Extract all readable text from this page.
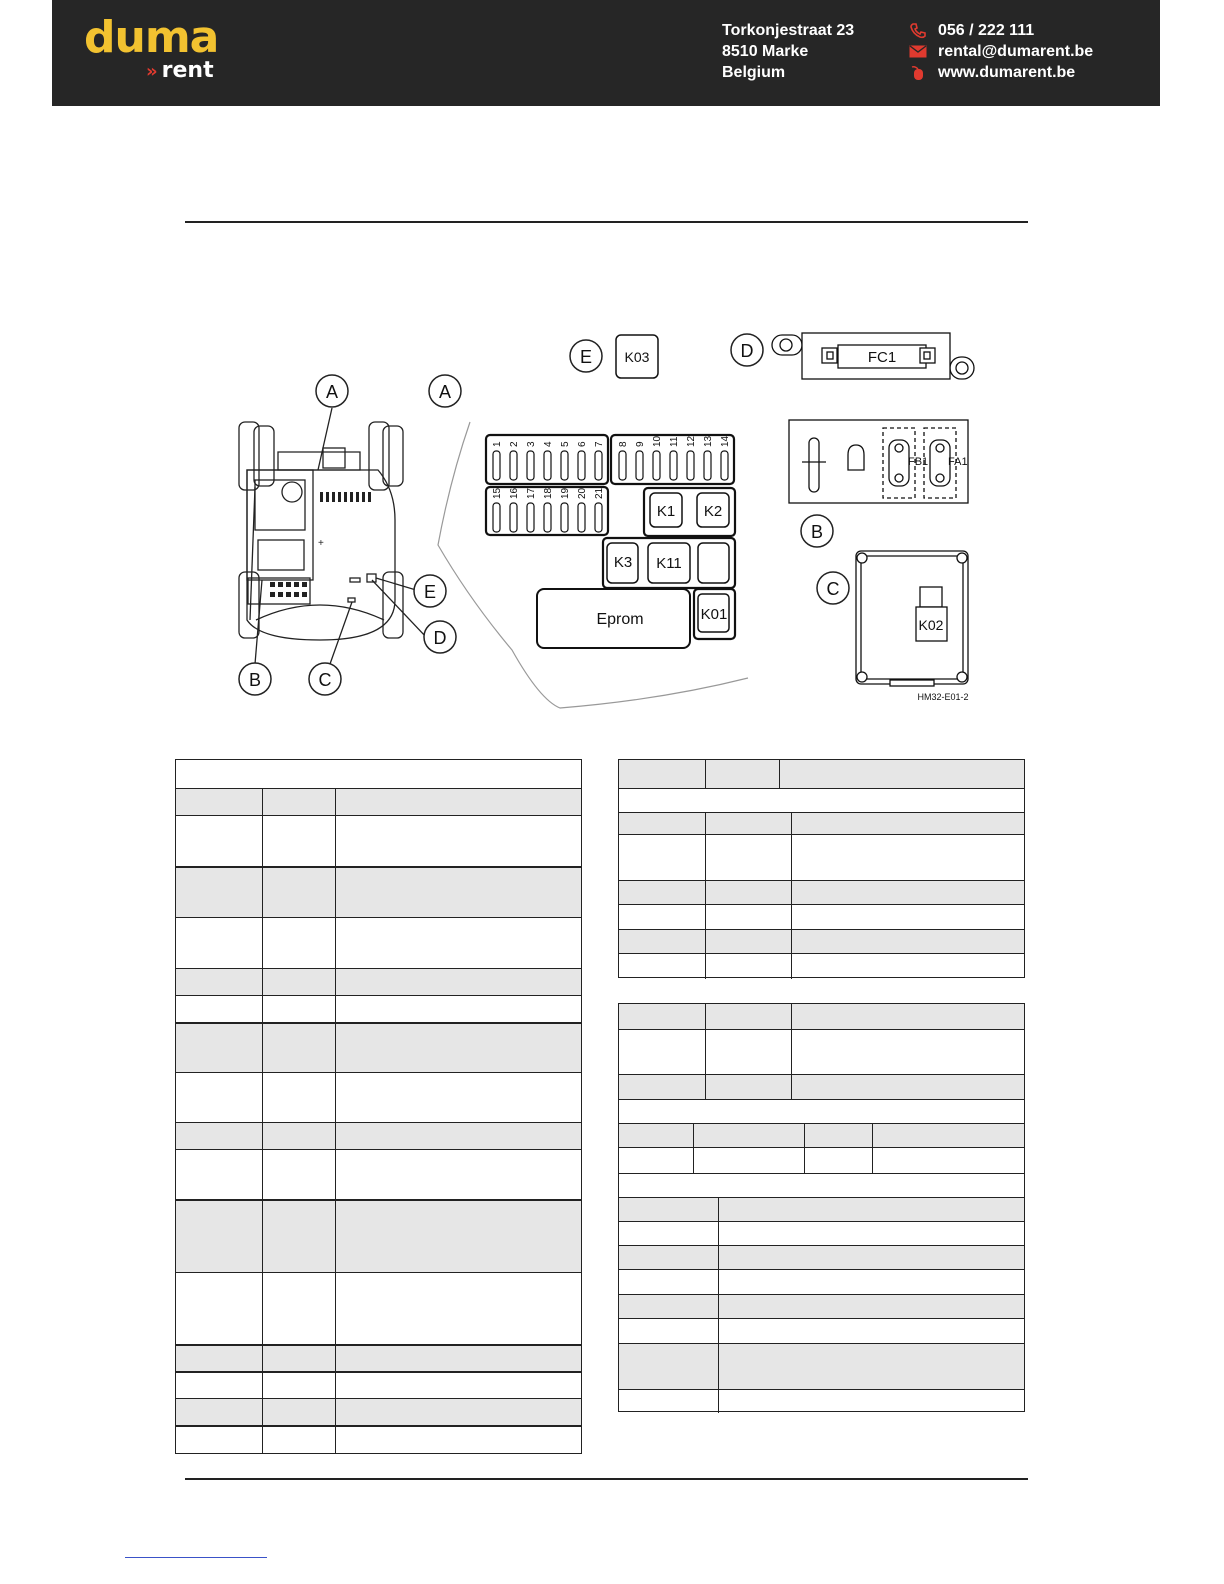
duma
» rent
Torkonjestraat 23
8510 Marke
Belgium
056 / 222 111
rental@dumarent.be
www.dumarent.be
+
A	A
B	C
D
E
E	D
B
C
1 2 3 4 5 6 7 8 9 10 11 12 13 14
15 16 17 18 19 20 21
K1 K2
K3 K11
K01
K03
Eprom
FC1
FB1 FA1
K02
HM32-E01-2
